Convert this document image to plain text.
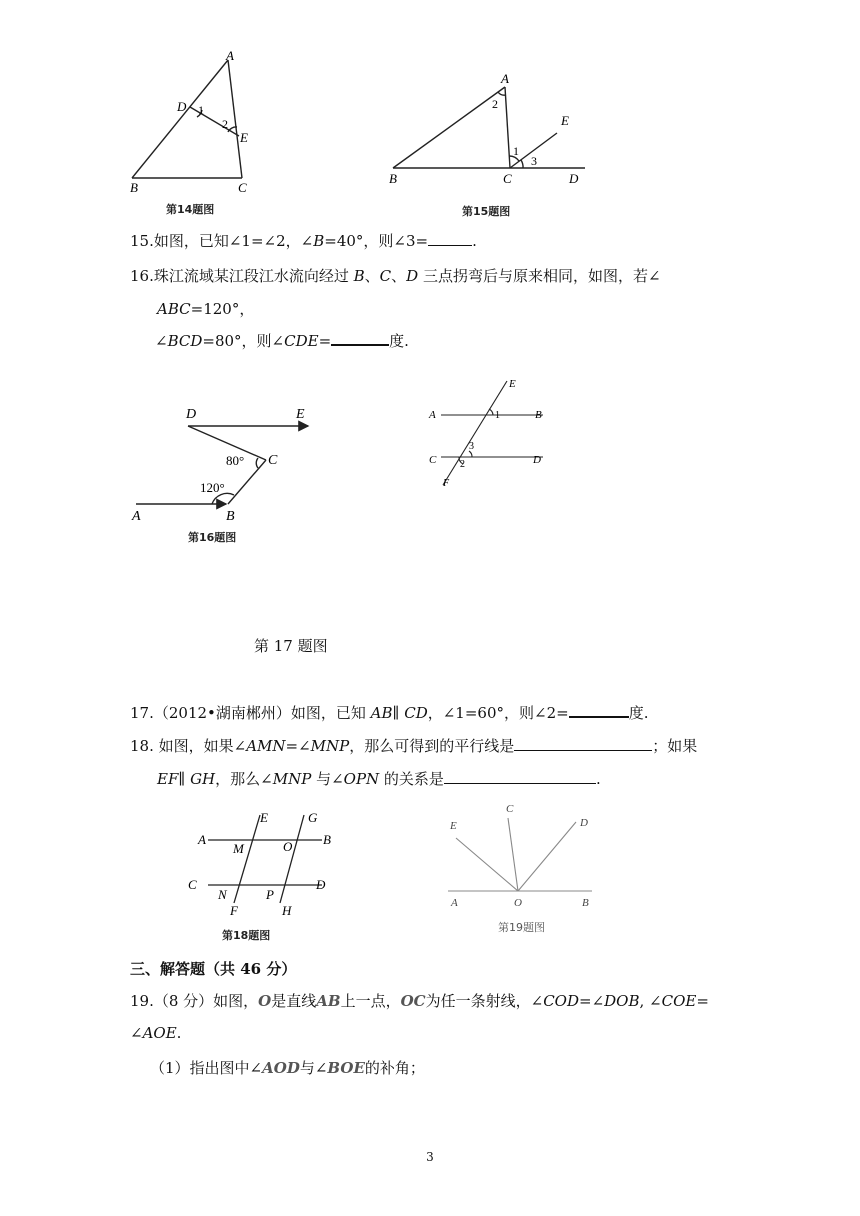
A
D 1
2
E
B	C
第14题图
A
2
E
1
3
B	C	D
第15题图
15.如图，已知∠1=∠2，∠B=40°，则∠3=	.
16.珠江流域某江段江水流向经过 B、C、D 三点拐弯后与原来相同，如图，若∠
ABC=120°，
∠BCD=80°，则∠CDE=	度.
D	E
80° C
120°
A	B
第16题图
E
A	1	B
3
C 2	D
F
第 17 题图
17.（2012•湖南郴州）如图，已知 AB∥ CD，∠1=60°，则∠2=	度.
18. 如图，如果∠AMN=∠MNP，那么可得到的平行线是	；如果
EF∥ GH，那么∠MNP 与∠OPN 的关系是	.
E	G
A	B
M	O
C	D
N	P
F	H
第18题图
C
E	D
A	O	B
第19题图
三、解答题（共 46 分）
19.（8 分）如图，O是直线AB上一点，OC为任一条射线，∠COD=∠DOB, ∠COE=
∠AOE.
（1）指出图中∠AOD与∠BOE的补角；
3
